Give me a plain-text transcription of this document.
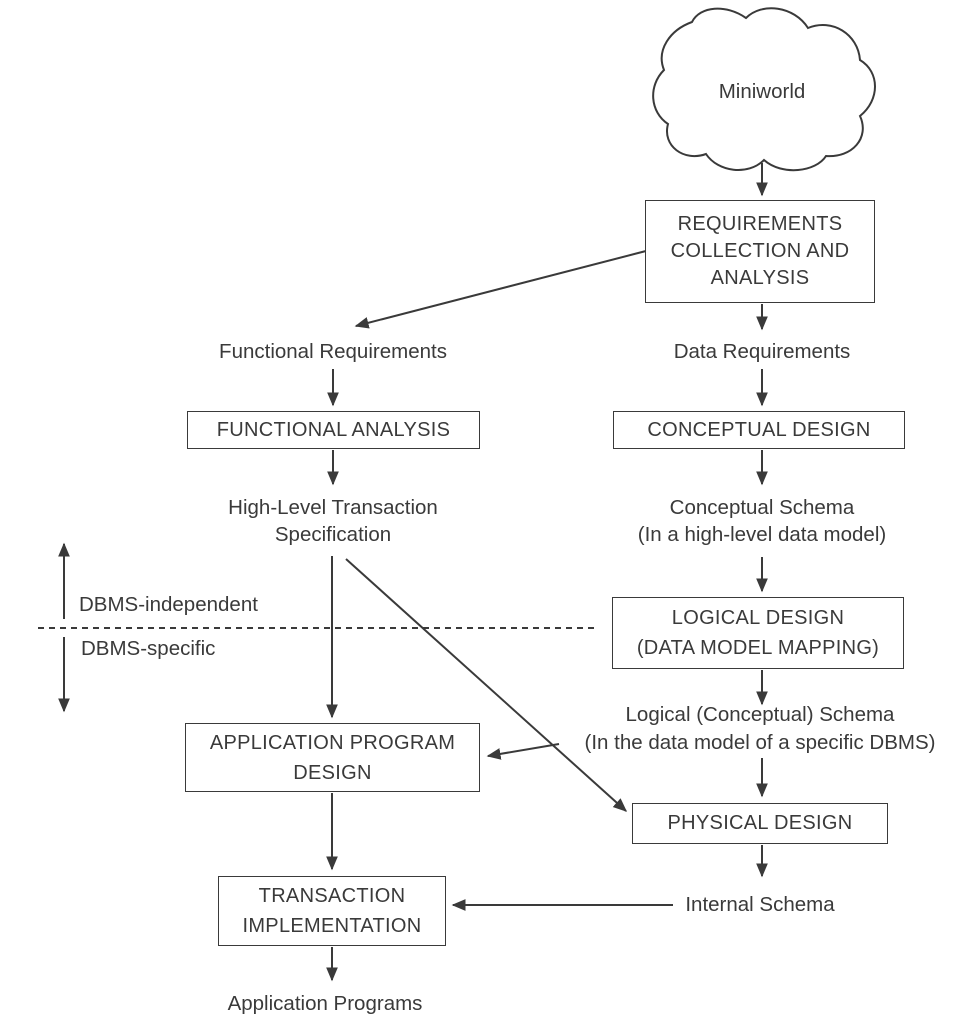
Miniworld
REQUIREMENTS
COLLECTION AND
ANALYSIS
FUNCTIONAL ANALYSIS	CONCEPTUAL DESIGN
LOGICAL DESIGN
(DATA MODEL MAPPING)
APPLICATION PROGRAM
DESIGN
PHYSICAL DESIGN
TRANSACTION
IMPLEMENTATION
Functional Requirements	Data Requirements
High-Level Transaction
Specification
Conceptual Schema
(In a high-level data model)
Logical (Conceptual) Schema
(In the data model of a specific DBMS)
Internal Schema
Application Programs
DBMS-independent
DBMS-specific
